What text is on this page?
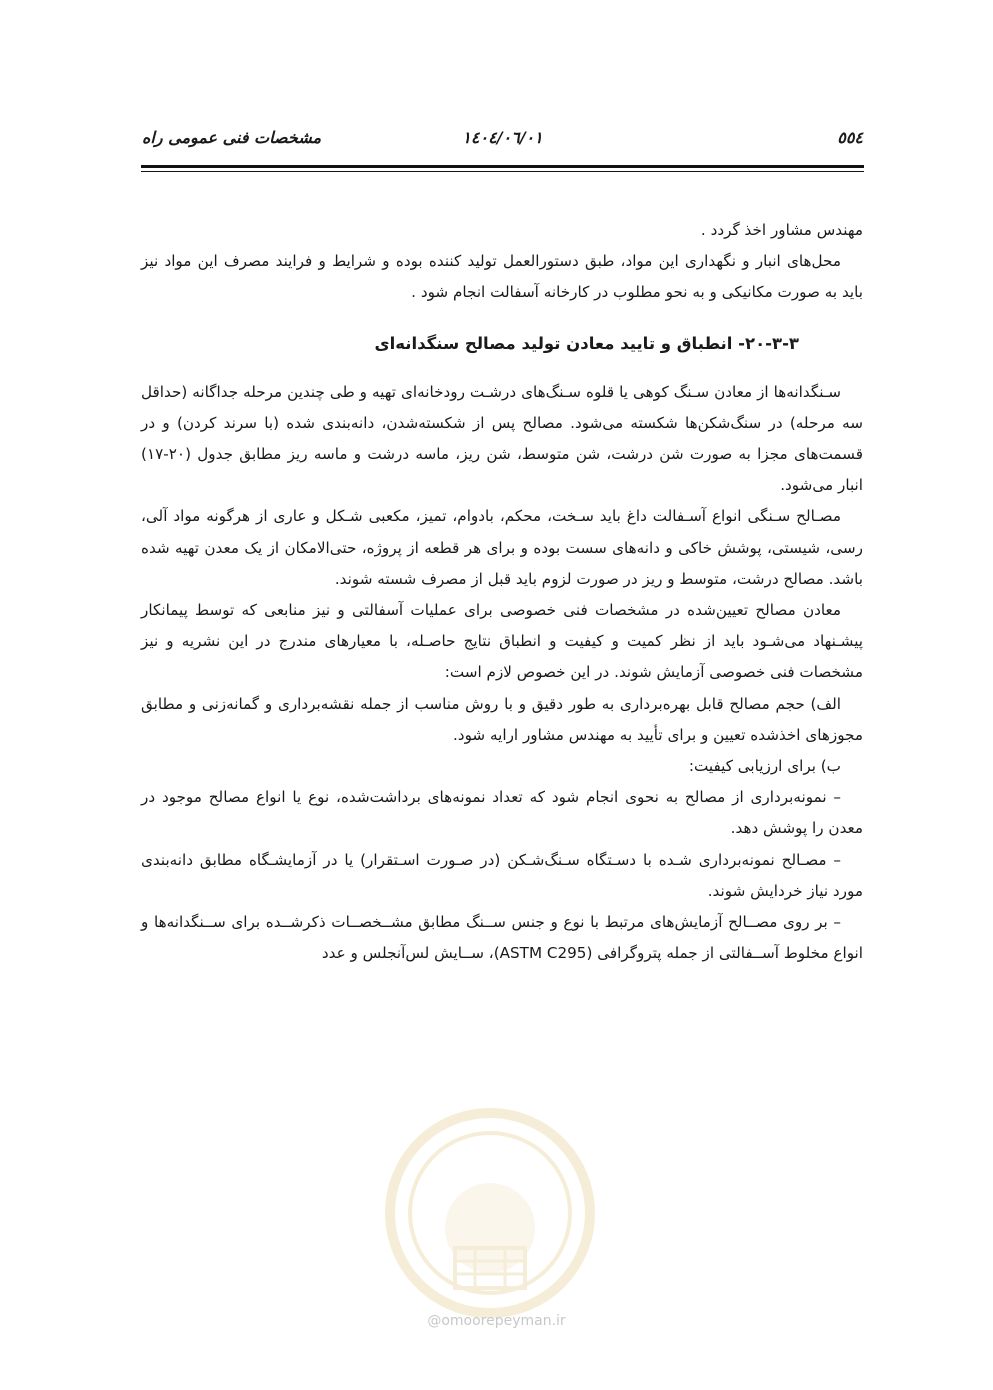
٥٥٤
١٤٠٤/٠٦/٠١
مشخصات فنی عمومی راه

مهندس مشاور اخذ گردد .

محل‌های انبار و نگهداری این مواد، طبق دستورالعمل تولید کننده بوده و شرایط و فرایند مصرف این مواد نیز باید به صورت مکانیکی و به نحو مطلوب در کارخانه آسفالت انجام شود .

۲۰-۳-۳- انطباق و تایید معادن تولید مصالح سنگدانه‌ای

سـنگدانه‌ها از معادن سـنگ کوهی یا قلوه سـنگ‌های درشـت رودخانه‌ای تهیه و طی چندین مرحله جداگانه (حداقل سه مرحله) در سنگ‌شکن‌ها شکسته می‌شود. مصالح پس از شکسته‌شدن، دانه‌بندی شده (با سرند کردن) و در قسمت‌های مجزا به صورت شن درشت، شن متوسط، شن ریز، ماسه درشت و ماسه ریز مطابق جدول (۲۰-۱۷) انبار می‌شود.

مصـالح سـنگی انواع آسـفالت داغ باید سـخت، محکم، بادوام، تمیز، مکعبی شـکل و عاری از هرگونه مواد آلی، رسی، شیستی، پوشش خاکی و دانه‌های سست بوده و برای هر قطعه از پروژه، حتی‌الامکان از یک معدن تهیه شده باشد. مصالح درشت، متوسط و ریز در صورت لزوم باید قبل از مصرف شسته شوند.

معادن مصالح تعیین‌شده در مشخصات فنی خصوصی برای عملیات آسفالتی و نیز منابعی که توسط پیمانکار پیشـنهاد می‌شـود باید از نظر کمیت و کیفیت و انطباق نتایج حاصـله، با معیارهای مندرج در این نشریه و نیز مشخصات فنی خصوصی آزمایش شوند. در این خصوص لازم است:

الف) حجم مصالح قابل بهره‌برداری به طور دقیق و با روش مناسب از جمله نقشه‌برداری و گمانه‌زنی و مطابق مجوزهای اخذشده تعیین و برای تأیید به مهندس مشاور ارایه شود.

ب) برای ارزیابی کیفیت:

– نمونه‌برداری از مصالح به نحوی انجام شود که تعداد نمونه‌های برداشت‌شده، نوع یا انواع مصالح موجود در معدن را پوشش دهد.

– مصـالح نمونه‌برداری شـده با دسـتگاه سـنگ‌شـکن (در صـورت اسـتقرار) یا در آزمایشـگاه مطابق دانه‌بندی مورد نیاز خردایش شوند.

– بر روی مصــالح آزمایش‌های مرتبط با نوع و جنس ســنگ مطابق مشــخصــات ذکرشــده برای ســنگدانه‌ها و انواع مخلوط آســفالتی از جمله پتروگرافی (ASTM C295)، ســایش لس‌آنجلس و عدد

@omoorepeyman.ir
